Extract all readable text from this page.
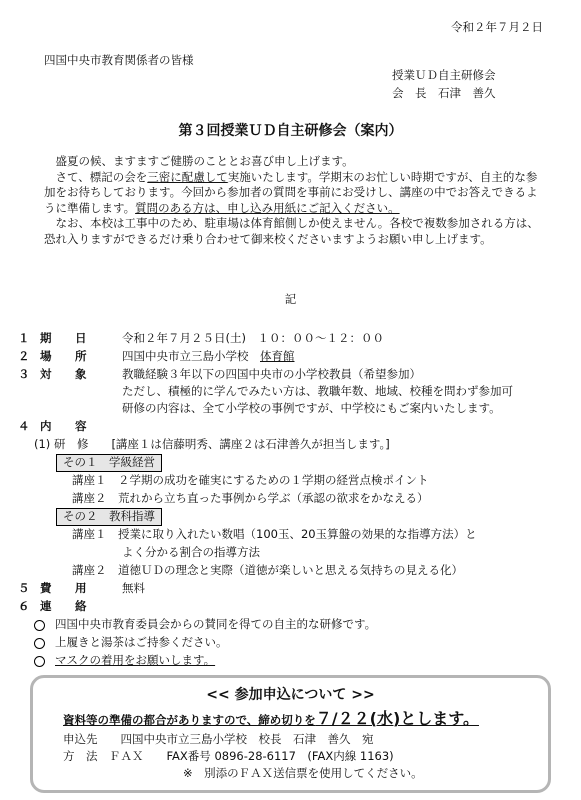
令和２年７月２日
四国中央市教育関係者の皆様
授業ＵＤ自主研修会
会　長　石津　善久
第３回授業ＵＤ自主研修会（案内）

盛夏の候、ますますご健勝のこととお喜び申し上げます。

さて、標記の会を三密に配慮して実施いたします。学期末のお忙しい時期ですが、自主的な参加をお待ちしております。今回から参加者の質問を事前にお受けし、講座の中でお答えできるように準備します。質問のある方は、申し込み用紙にご記入ください。

なお、本校は工事中のため、駐車場は体育館側しか使えません。各校で複数参加される方は、恐れ入りますができるだけ乗り合わせて御来校くださいますようお願い申し上げます。

記
１ 期　日	令和２年７月２５日(土)　１０：００～１２：００
２ 場　所	四国中央市立三島小学校　 体育館
３ 対　象	教職経験３年以下の四国中央市の小学校教員（希望参加）
ただし、積極的に学んでみたい方は、教職年数、地域、校種を問わず参加可
研修の内容は、全て小学校の事例ですが、中学校にもご案内いたします。
４ 内　容
(1) 研　修　　[講座１は信藤明秀、講座２は石津善久が担当します。]
その１　学級経営
講座１　２学期の成功を確実にするための１学期の経営点検ポイント
講座２　荒れから立ち直った事例から学ぶ（承認の欲求をかなえる）
その２　教科指導
講座１　授業に取り入れたい数唱（100玉、20玉算盤の効果的な指導方法）と
よく分かる割合の指導方法
講座２　道徳ＵＤの理念と実際（道徳が楽しいと思える気持ちの見える化）
５ 費　用	無料
６ 連　絡
四国中央市教育委員会からの賛同を得ての自主的な研修です。
上履きと湯茶はご持参ください。
マスクの着用をお願いします。
<< 参加申込について >>
資料等の準備の都合がありますので、締め切りを７/２２(水)とします。
申込先　　 四国中央市立三島小学校　校長　石津　善久　宛
方　法　ＦＡＸ　　 FAX番号 0896-28-6117　(FAX内線 1163)
※　別添のＦＡＸ送信票を使用してください。
